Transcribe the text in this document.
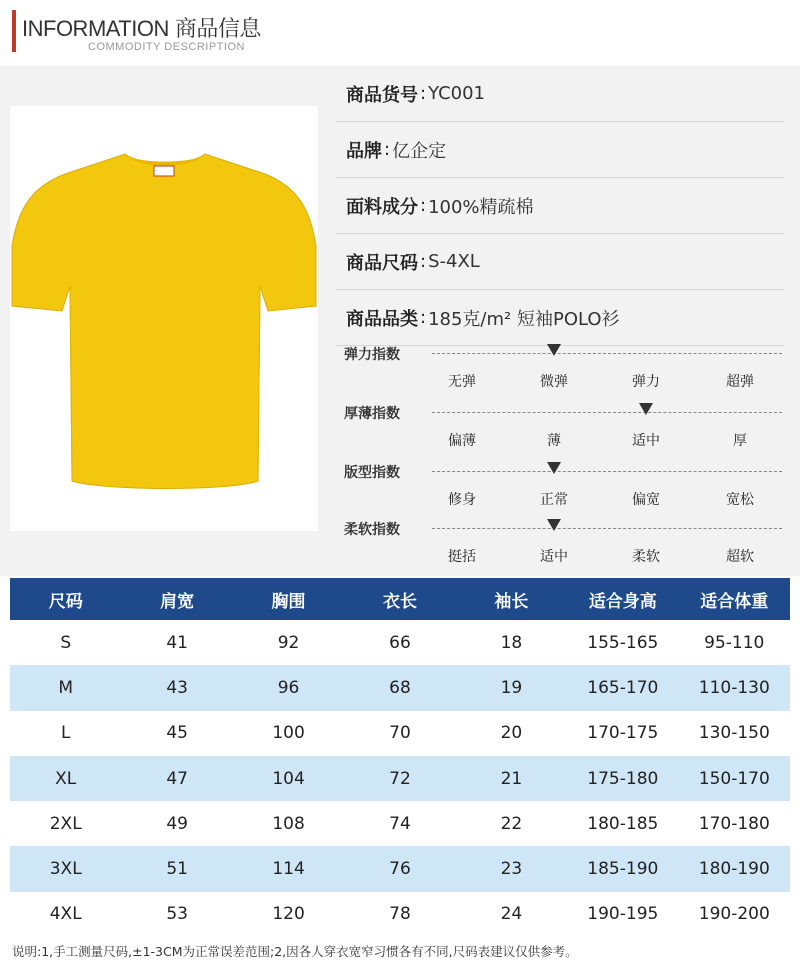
INFORMATION 商品信息
COMMODITY DESCRIPTION
商品货号 : YC001
品牌 : 亿企定
面料成分 : 100%精疏棉
商品尺码 : S-4XL
商品品类 : 185克/m² 短袖POLO衫
弹力指数
无弹	微弹	弹力	超弹
厚薄指数
偏薄	薄	适中	厚
版型指数
修身	正常	偏宽	宽松
柔软指数
挺括	适中	柔软	超软
尺码	肩宽	胸围	衣长	袖长	适合身高	适合体重
S	41	92	66	18	155-165	95-110
M	43	96	68	19	165-170	110-130
L	45	100	70	20	170-175	130-150
XL	47	104	72	21	175-180	150-170
2XL	49	108	74	22	180-185	170-180
3XL	51	114	76	23	185-190	180-190
4XL	53	120	78	24	190-195	190-200
说明:1,手工测量尺码,±1-3CM为正常误差范围;2,因各人穿衣宽窄习惯各有不同,尺码表建议仅供参考。
